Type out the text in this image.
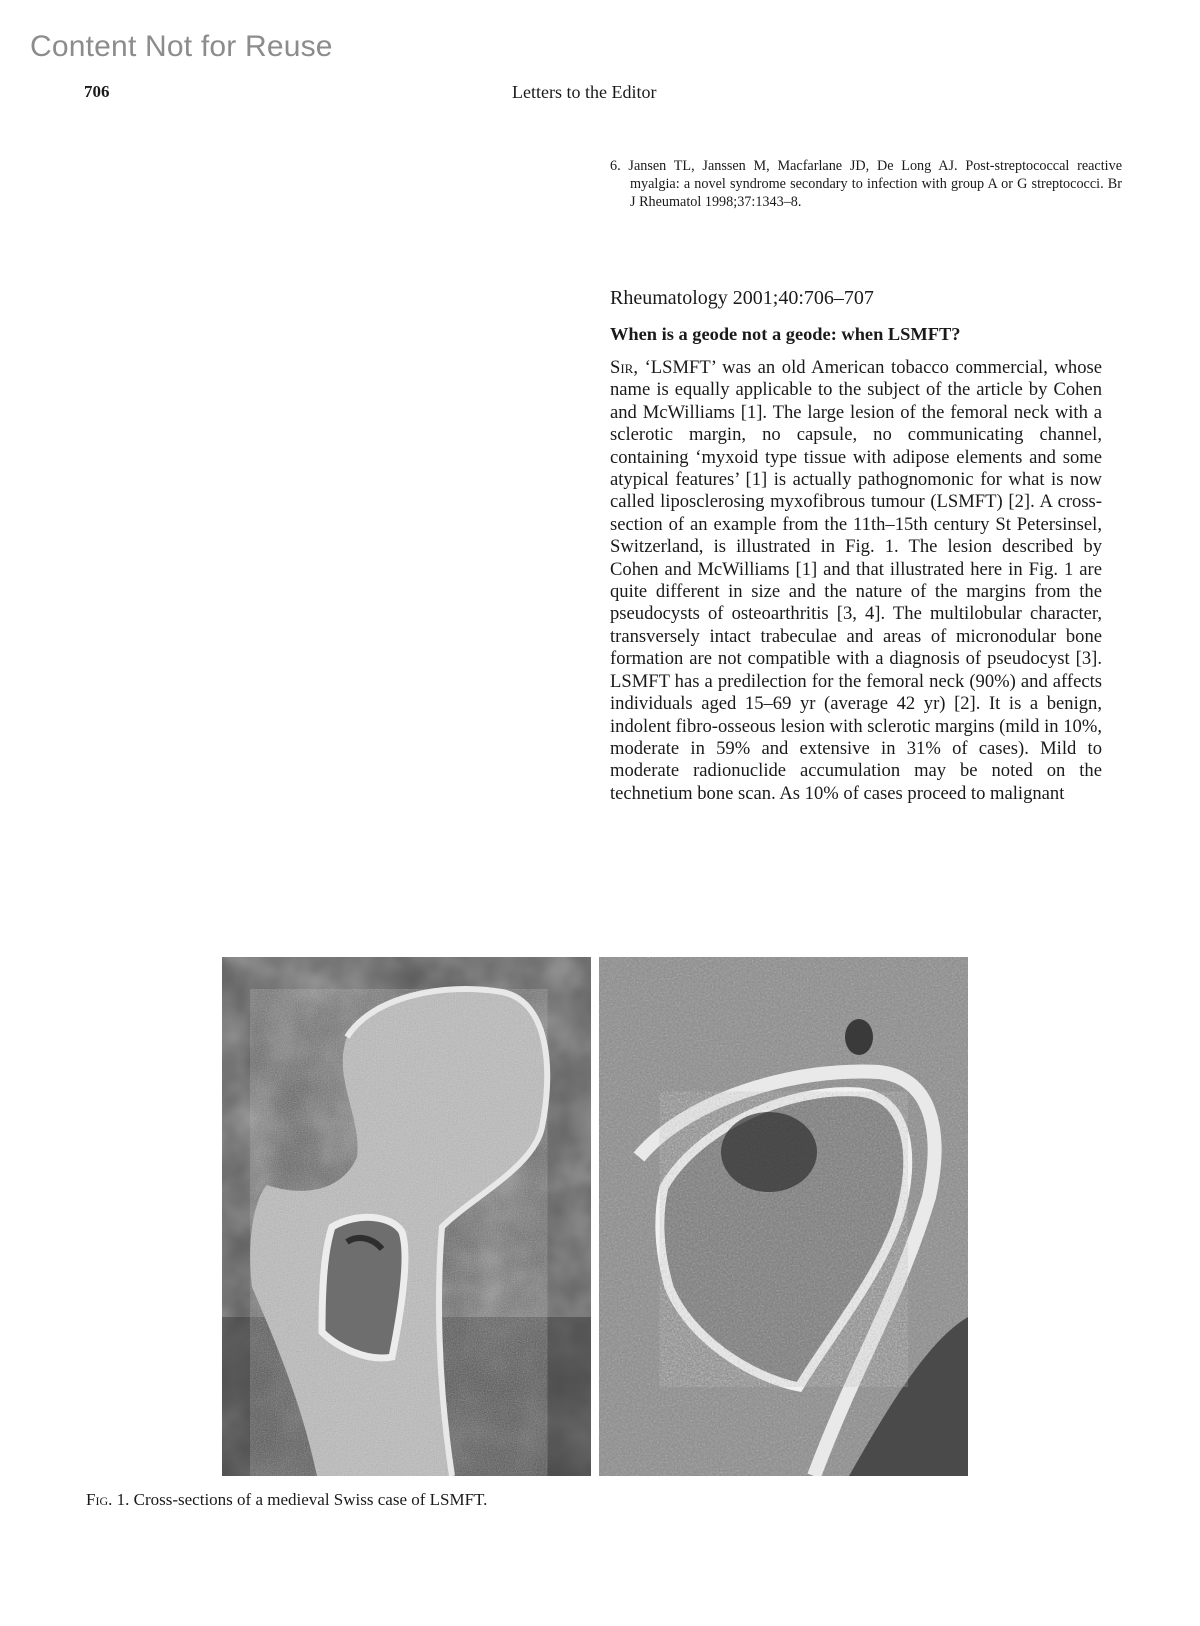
Content Not for Reuse
706	Letters to the Editor
6. Jansen TL, Janssen M, Macfarlane JD, De Long AJ. Post-streptococcal reactive myalgia: a novel syndrome secondary to infection with group A or G streptococci. Br J Rheumatol 1998;37:1343–8.
Rheumatology 2001;40:706–707
When is a geode not a geode: when LSMFT?

Sir, ‘LSMFT’ was an old American tobacco commercial, whose name is equally applicable to the subject of the article by Cohen and McWilliams [1]. The large lesion of the femoral neck with a sclerotic margin, no capsule, no communicating channel, containing ‘myxoid type tissue with adipose elements and some atypical features’ [1] is actually pathognomonic for what is now called liposclerosing myxofibrous tumour (LSMFT) [2]. A cross-section of an example from the 11th–15th century St Petersinsel, Switzerland, is illustrated in Fig. 1. The lesion described by Cohen and McWilliams [1] and that illustrated here in Fig. 1 are quite different in size and the nature of the margins from the pseudocysts of osteoarthritis [3, 4]. The multilobular character, transversely intact trabeculae and areas of micronodular bone formation are not compatible with a diagnosis of pseudocyst [3]. LSMFT has a predilection for the femoral neck (90%) and affects individuals aged 15–69 yr (average 42 yr) [2]. It is a benign, indolent fibro-osseous lesion with sclerotic margins (mild in 10%, moderate in 59% and extensive in 31% of cases). Mild to moderate radionuclide accumulation may be noted on the technetium bone scan. As 10% of cases proceed to malignant

Fig. 1. Cross-sections of a medieval Swiss case of LSMFT.
